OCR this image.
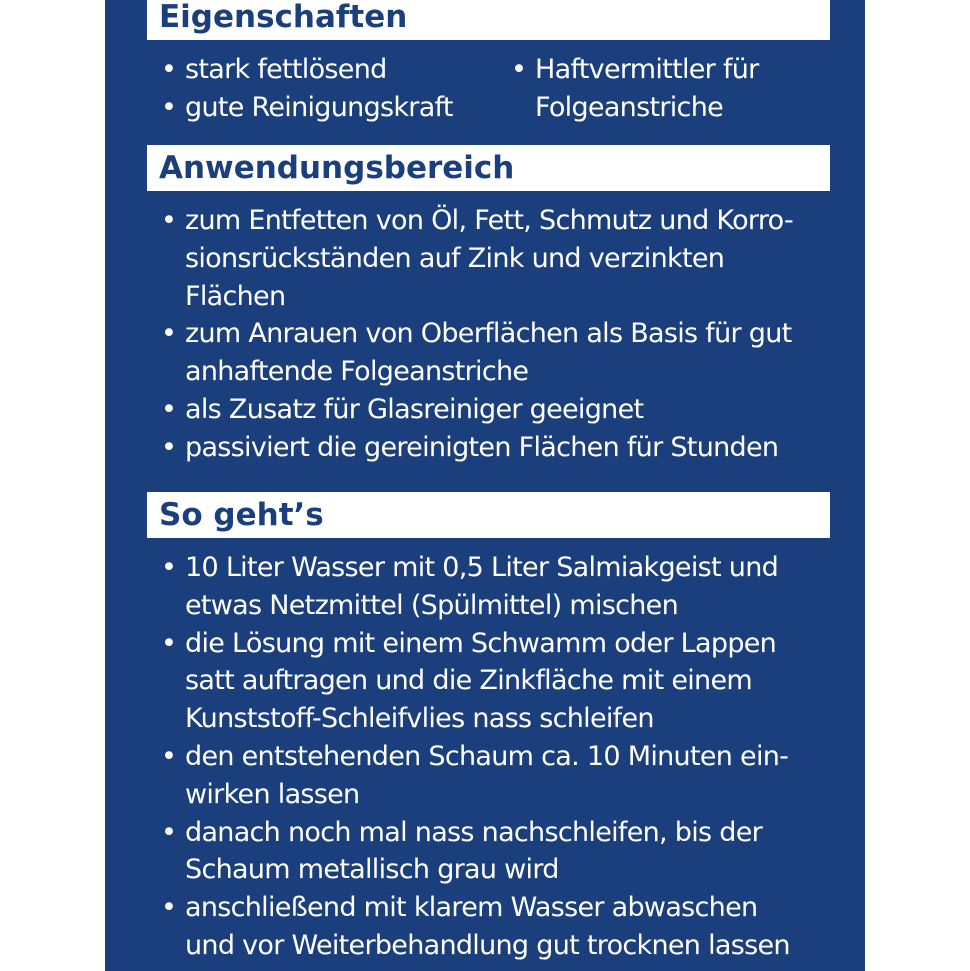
Eigenschaften
• stark fettlösend
• gute Reinigungskraft
• Haftvermittler für
Folgeanstriche
Anwendungsbereich
• zum Entfetten von Öl, Fett, Schmutz und Korro-
sionsrückständen auf Zink und verzinkten
Flächen
• zum Anrauen von Oberflächen als Basis für gut
anhaftende Folgeanstriche
• als Zusatz für Glasreiniger geeignet
• passiviert die gereinigten Flächen für Stunden
So geht’s
• 10 Liter Wasser mit 0,5 Liter Salmiakgeist und
etwas Netzmittel (Spülmittel) mischen
• die Lösung mit einem Schwamm oder Lappen
satt auftragen und die Zinkfläche mit einem
Kunststoff-Schleifvlies nass schleifen
• den entstehenden Schaum ca. 10 Minuten ein-
wirken lassen
• danach noch mal nass nachschleifen, bis der
Schaum metallisch grau wird
• anschließend mit klarem Wasser abwaschen
und vor Weiterbehandlung gut trocknen lassen
